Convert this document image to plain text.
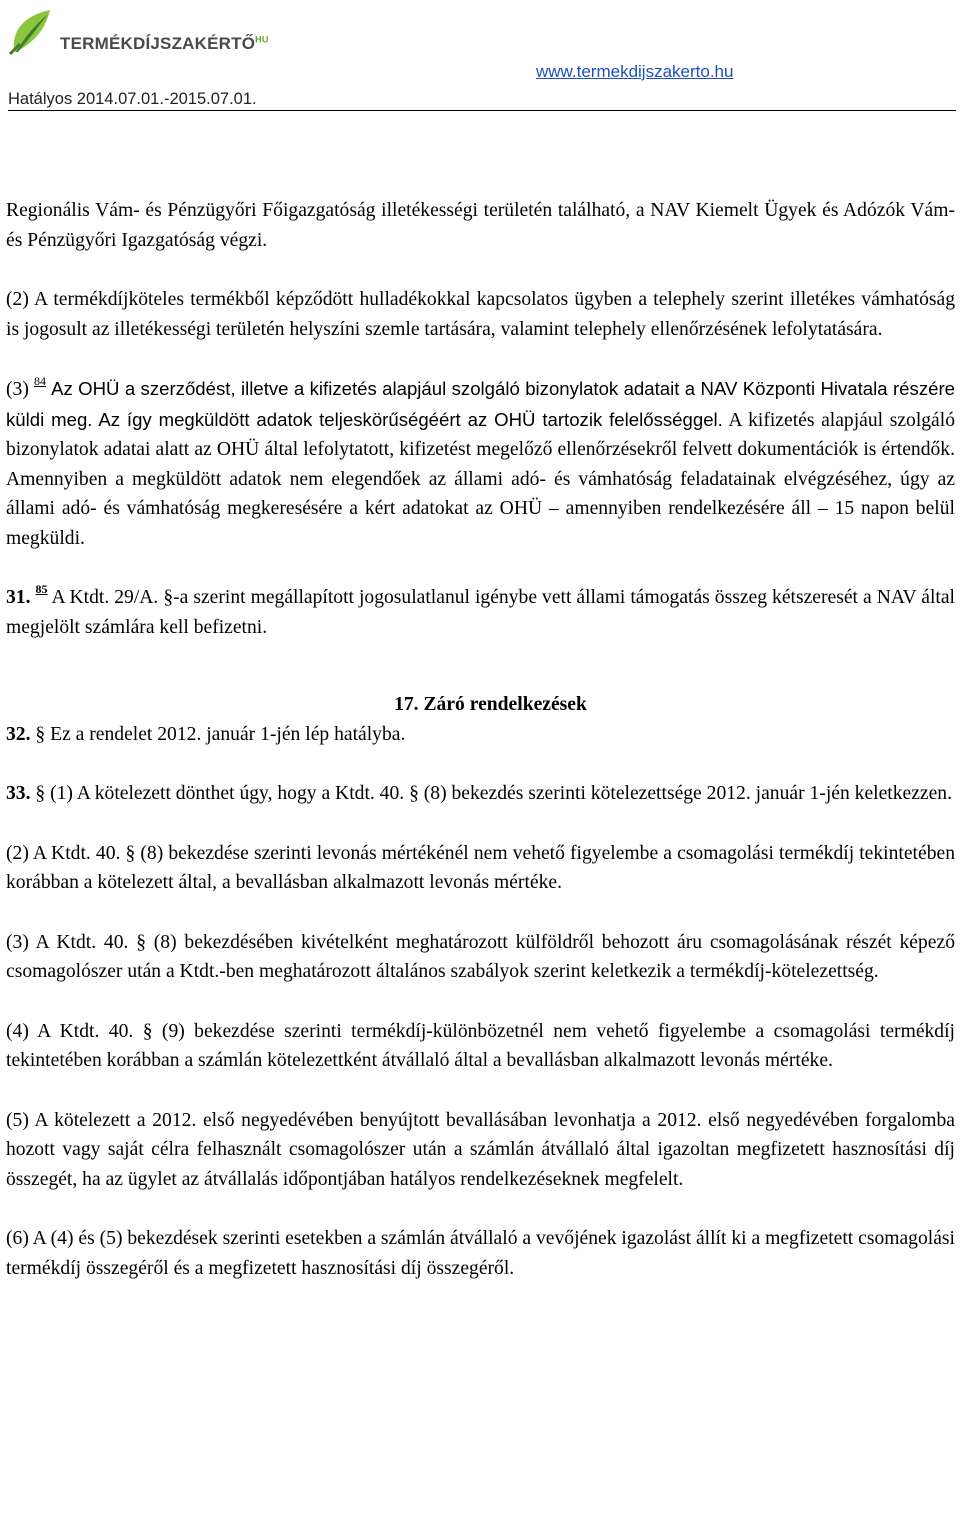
$TERMÉKDÍJSZAKÉRTŐ^{HU}$
www.termekdijszakerto.hu
Hatályos 2014.07.01.-2015.07.01.

Regionális Vám- és Pénzügyőri Főigazgatóság illetékességi területén található, a NAV Kiemelt Ügyek és Adózók Vám- és Pénzügyőri Igazgatóság végzi.

(2) A termékdíjköteles termékből képződött hulladékokkal kapcsolatos ügyben a telephely szerint illetékes vámhatóság is jogosult az illetékességi területén helyszíni szemle tartására, valamint telephely ellenőrzésének lefolytatására.

(3) $^{84}$ Az OHÜ a szerződést, illetve a kifizetés alapjául szolgáló bizonylatok adatait a NAV Központi Hivatala részére küldi meg. Az így megküldött adatok teljeskörűségéért az OHÜ tartozik felelősséggel. A kifizetés alapjául szolgáló bizonylatok adatai alatt az OHÜ által lefolytatott, kifizetést megelőző ellenőrzésekről felvett dokumentációk is értendők. Amennyiben a megküldött adatok nem elegendőek az állami adó- és vámhatóság feladatainak elvégzéséhez, úgy az állami adó- és vámhatóság megkeresésére a kért adatokat az OHÜ – amennyiben rendelkezésére áll – 15 napon belül megküldi.

31. $^{85}$ A Ktdt. 29/A. §-a szerint megállapított jogosulatlanul igénybe vett állami támogatás összeg kétszeresét a NAV által megjelölt számlára kell befizetni.

17. Záró rendelkezések

32. § Ez a rendelet 2012. január 1-jén lép hatályba.

33. § (1) A kötelezett dönthet úgy, hogy a Ktdt. 40. § (8) bekezdés szerinti kötelezettsége 2012. január 1-jén keletkezzen.

(2) A Ktdt. 40. § (8) bekezdése szerinti levonás mértékénél nem vehető figyelembe a csomagolási termékdíj tekintetében korábban a kötelezett által, a bevallásban alkalmazott levonás mértéke.

(3) A Ktdt. 40. § (8) bekezdésében kivételként meghatározott külföldről behozott áru csomagolásának részét képező csomagolószer után a Ktdt.-ben meghatározott általános szabályok szerint keletkezik a termékdíj-kötelezettség.

(4) A Ktdt. 40. § (9) bekezdése szerinti termékdíj-különbözetnél nem vehető figyelembe a csomagolási termékdíj tekintetében korábban a számlán kötelezettként átvállaló által a bevallásban alkalmazott levonás mértéke.

(5) A kötelezett a 2012. első negyedévében benyújtott bevallásában levonhatja a 2012. első negyedévében forgalomba hozott vagy saját célra felhasznált csomagolószer után a számlán átvállaló által igazoltan megfizetett hasznosítási díj összegét, ha az ügylet az átvállalás időpontjában hatályos rendelkezéseknek megfelelt.

(6) A (4) és (5) bekezdések szerinti esetekben a számlán átvállaló a vevőjének igazolást állít ki a megfizetett csomagolási termékdíj összegéről és a megfizetett hasznosítási díj összegéről.
